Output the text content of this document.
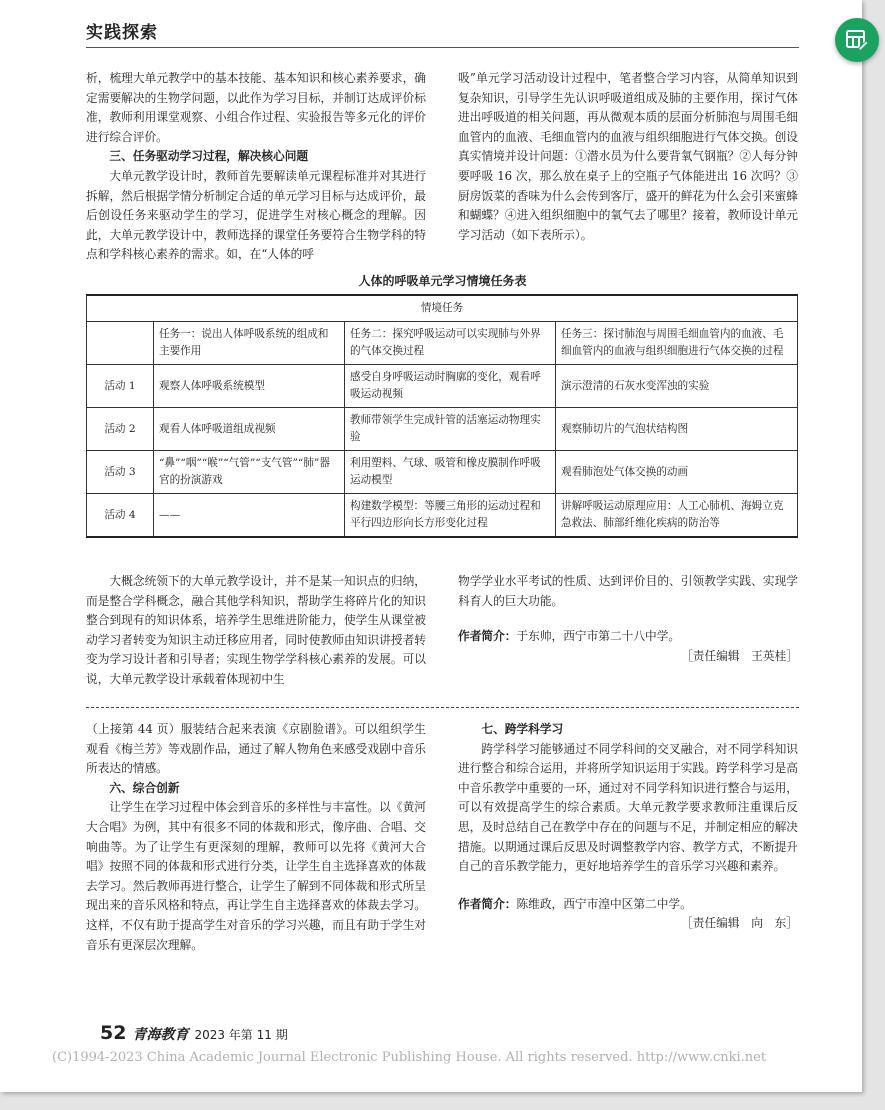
实践探索

析，梳理大单元教学中的基本技能、基本知识和核心素养要求，确定需要解决的生物学问题，以此作为学习目标，并制订达成评价标准，教师利用课堂观察、小组合作过程、实验报告等多元化的评价进行综合评价。

三、任务驱动学习过程，解决核心问题

大单元教学设计时，教师首先要解读单元课程标准并对其进行拆解，然后根据学情分析制定合适的单元学习目标与达成评价，最后创设任务来驱动学生的学习，促进学生对核心概念的理解。因此，大单元教学设计中，教师选择的课堂任务要符合生物学科的特点和学科核心素养的需求。如，在“人体的呼

吸”单元学习活动设计过程中，笔者整合学习内容，从简单知识到复杂知识，引导学生先认识呼吸道组成及肺的主要作用，探讨气体进出呼吸道的相关问题，再从微观本质的层面分析肺泡与周围毛细血管内的血液、毛细血管内的血液与组织细胞进行气体交换。创设真实情境并设计问题：①潜水员为什么要背氧气钢瓶？②人每分钟要呼吸 16 次，那么放在桌子上的空瓶子气体能进出 16 次吗？③厨房饭菜的香味为什么会传到客厅，盛开的鲜花为什么会引来蜜蜂和蝴蝶？④进入组织细胞中的氧气去了哪里？接着，教师设计单元学习活动（如下表所示）。

人体的呼吸单元学习情境任务表
情境任务			
	任务一：说出人体呼吸系统的组成和主要作用	任务二：探究呼吸运动可以实现肺与外界的气体交换过程	任务三：探讨肺泡与周围毛细血管内的血液、毛细血管内的血液与组织细胞进行气体交换的过程
活动 1	观察人体呼吸系统模型	感受自身呼吸运动时胸廓的变化，观看呼吸运动视频	演示澄清的石灰水变浑浊的实验
活动 2	观看人体呼吸道组成视频	教师带领学生完成针管的活塞运动物理实验	观察肺切片的气泡状结构图
活动 3	“鼻”“咽”“喉”“气管”“支气管”“肺”器官的扮演游戏	利用塑料、气球、吸管和橡皮膜制作呼吸运动模型	观看肺泡处气体交换的动画
活动 4	——	构建数学模型：等腰三角形的运动过程和平行四边形向长方形变化过程	讲解呼吸运动原理应用：人工心肺机、海姆立克急救法、肺部纤维化疾病的防治等

大概念统领下的大单元教学设计，并不是某一知识点的归纳，而是整合学科概念，融合其他学科知识，帮助学生将碎片化的知识整合到现有的知识体系，培养学生思维进阶能力，使学生从课堂被动学习者转变为知识主动迁移应用者，同时使教师由知识讲授者转变为学习设计者和引导者；实现生物学学科核心素养的发展。可以说，大单元教学设计承载着体现初中生

物学学业水平考试的性质、达到评价目的、引领教学实践、实现学科育人的巨大功能。

作者简介：于东帅，西宁市第二十八中学。

［责任编辑　王英桂］

（上接第 44 页）服装结合起来表演《京剧脸谱》。可以组织学生观看《梅兰芳》等戏剧作品，通过了解人物角色来感受戏剧中音乐所表达的情感。

六、综合创新

让学生在学习过程中体会到音乐的多样性与丰富性。以《黄河大合唱》为例，其中有很多不同的体裁和形式，像序曲、合唱、交响曲等。为了让学生有更深刻的理解，教师可以先将《黄河大合唱》按照不同的体裁和形式进行分类，让学生自主选择喜欢的体裁去学习。然后教师再进行整合，让学生了解到不同体裁和形式所呈现出来的音乐风格和特点，再让学生自主选择喜欢的体裁去学习。这样，不仅有助于提高学生对音乐的学习兴趣，而且有助于学生对音乐有更深层次理解。

七、跨学科学习

跨学科学习能够通过不同学科间的交叉融合，对不同学科知识进行整合和综合运用，并将所学知识运用于实践。跨学科学习是高中音乐教学中重要的一环，通过对不同学科知识进行整合与运用，可以有效提高学生的综合素质。大单元教学要求教师注重课后反思，及时总结自己在教学中存在的问题与不足，并制定相应的解决措施。以期通过课后反思及时调整教学内容、教学方式，不断提升自己的音乐教学能力，更好地培养学生的音乐学习兴趣和素养。

作者简介：陈维政，西宁市湟中区第二中学。

［责任编辑　向　东］

52 青海教育 2023 年第 11 期
(C)1994-2023 China Academic Journal Electronic Publishing House. All rights reserved. http://www.cnki.net
